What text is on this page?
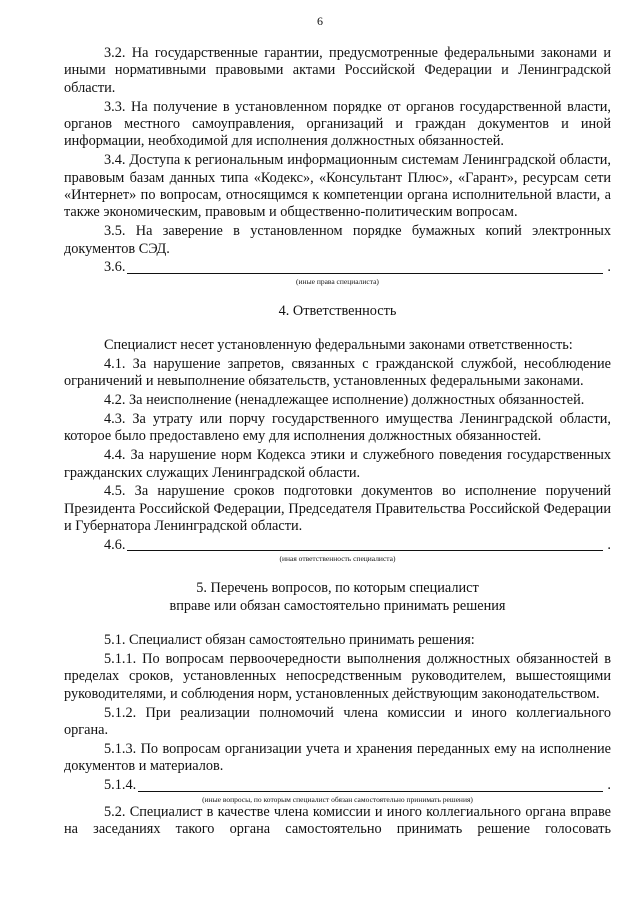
6

3.2. На государственные гарантии, предусмотренные федеральными законами и иными нормативными правовыми актами Российской Федерации и Ленинградской области.

3.3. На получение в установленном порядке от органов государственной власти, органов местного самоуправления, организаций и граждан документов и иной информации, необходимой для исполнения должностных обязанностей.

3.4. Доступа к региональным информационным системам Ленинградской области, правовым базам данных типа «Кодекс», «Консультант Плюс», «Гарант», ресурсам сети «Интернет» по вопросам, относящимся к компетенции органа исполнительной власти, а также экономическим, правовым и общественно-политическим вопросам.

3.5. На заверение в установленном порядке бумажных копий электронных документов СЭД.

3.6.	.
(иные права специалиста)

4. Ответственность

Специалист несет установленную федеральными законами ответственность:

4.1. За нарушение запретов, связанных с гражданской службой, несоблюдение ограничений и невыполнение обязательств, установленных федеральными законами.

4.2. За неисполнение (ненадлежащее исполнение) должностных обязанностей.

4.3. За утрату или порчу государственного имущества Ленинградской области, которое было предоставлено ему для исполнения должностных обязанностей.

4.4. За нарушение норм Кодекса этики и служебного поведения государственных гражданских служащих Ленинградской области.

4.5. За нарушение сроков подготовки документов во исполнение поручений Президента Российской Федерации, Председателя Правительства Российской Федерации и Губернатора Ленинградской области.

4.6.	.
(иная ответственность специалиста)

5. Перечень вопросов, по которым специалист

вправе или обязан самостоятельно принимать решения

5.1. Специалист обязан самостоятельно принимать решения:

5.1.1. По вопросам первоочередности выполнения должностных обязанностей в пределах сроков, установленных непосредственным руководителем, вышестоящими руководителями, и соблюдения норм, установленных действующим законодательством.

5.1.2. При реализации полномочий члена комиссии и иного коллегиального органа.

5.1.3. По вопросам организации учета и хранения переданных ему на исполнение документов и материалов.

5.1.4.	.
(иные вопросы, по которым специалист обязан самостоятельно принимать решения)

5.2. Специалист в качестве члена комиссии и иного коллегиального органа вправе на заседаниях такого органа самостоятельно принимать решение голосовать
